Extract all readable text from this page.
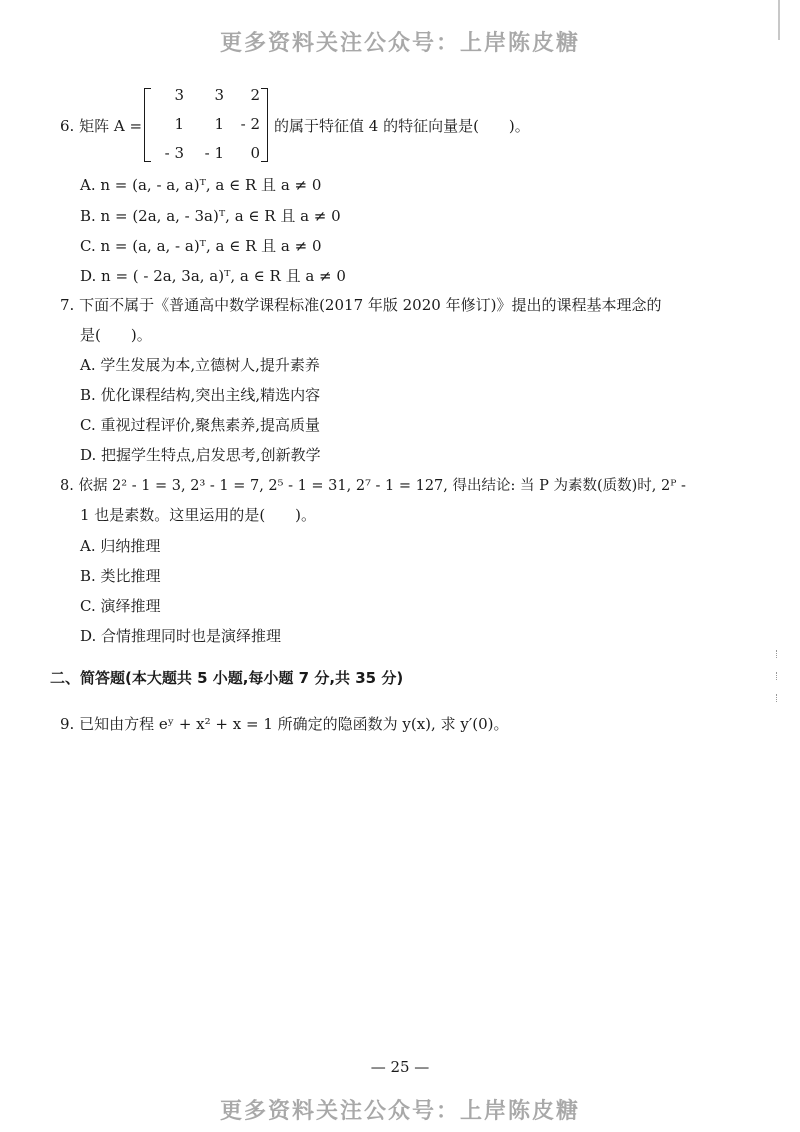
更多资料关注公众号：上岸陈皮糖
6. 矩阵 A =
3	3	2
1	1	- 2
- 3	- 1	0
的属于特征值 4 的特征向量是(　　)。
A. n = (a, - a, a)ᵀ, a ∈ R 且 a ≠ 0
B. n = (2a, a, - 3a)ᵀ, a ∈ R 且 a ≠ 0
C. n = (a, a, - a)ᵀ, a ∈ R 且 a ≠ 0
D. n = ( - 2a, 3a, a)ᵀ, a ∈ R 且 a ≠ 0
7. 下面不属于《普通高中数学课程标准(2017 年版 2020 年修订)》提出的课程基本理念的
是(　　)。
A. 学生发展为本,立德树人,提升素养
B. 优化课程结构,突出主线,精选内容
C. 重视过程评价,聚焦素养,提高质量
D. 把握学生特点,启发思考,创新教学
8. 依据 2² - 1 = 3, 2³ - 1 = 7, 2⁵ - 1 = 31, 2⁷ - 1 = 127, 得出结论: 当 P 为素数(质数)时, 2ᴾ -
1 也是素数。这里运用的是(　　)。
A. 归纳推理
B. 类比推理
C. 演绎推理
D. 合情推理同时也是演绎推理
二、简答题(本大题共 5 小题,每小题 7 分,共 35 分)
9. 已知由方程 eʸ + x² + x = 1 所确定的隐函数为 y(x), 求 y′(0)。
— 25 —
更多资料关注公众号：上岸陈皮糖
